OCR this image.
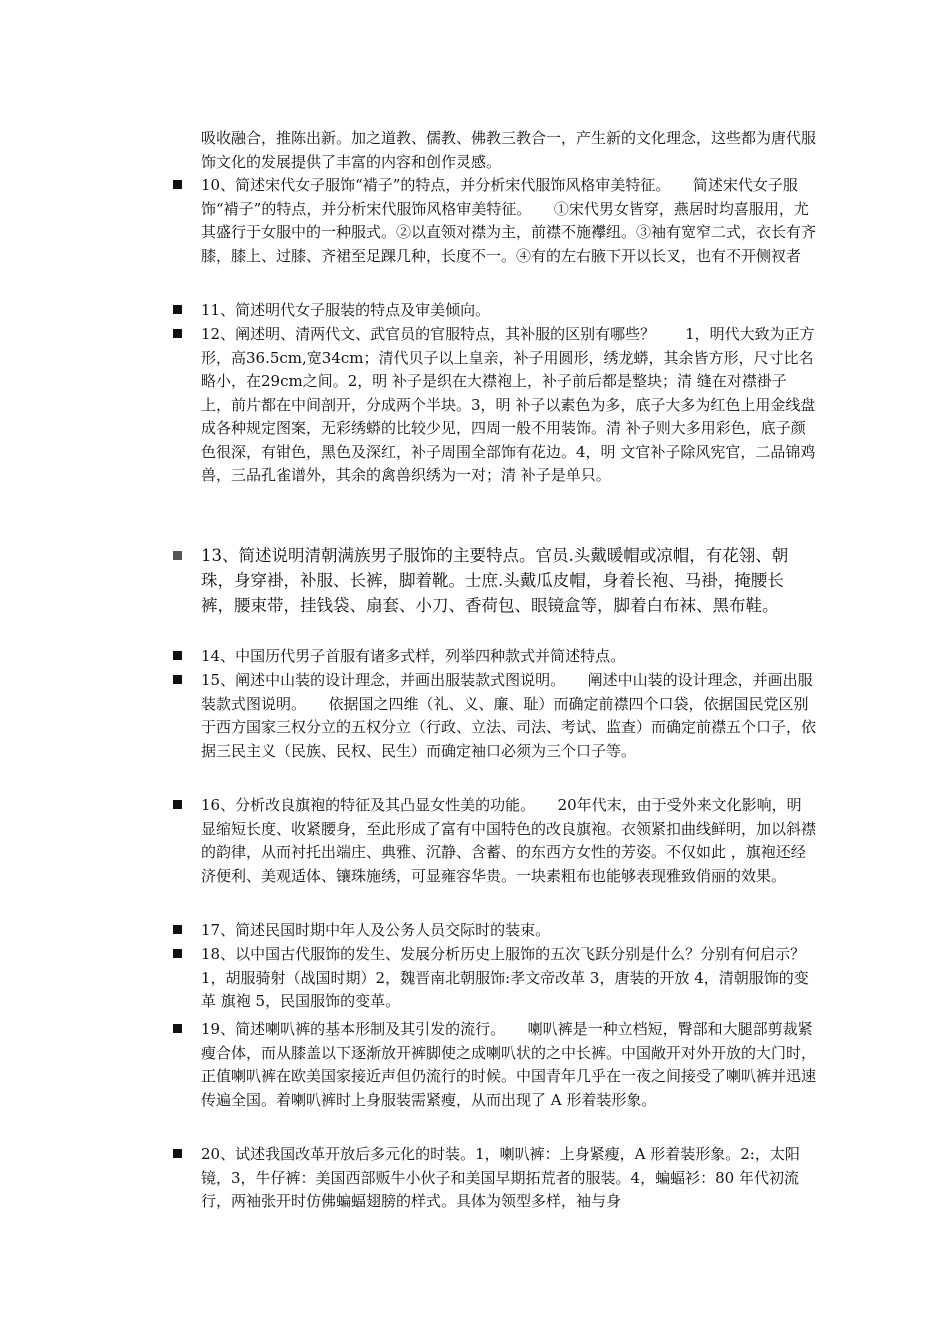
吸收融合，推陈出新。加之道教、儒教、佛教三教合一，产生新的文化理念，这些都为唐代服饰文化的发展提供了丰富的内容和创作灵感。

10、简述宋代女子服饰“褙子”的特点，并分析宋代服饰风格审美特征。　　简述宋代女子服饰“褙子”的特点，并分析宋代服饰风格审美特征。　　①宋代男女皆穿，燕居时均喜服用，尤其盛行于女服中的一种服式。②以直领对襟为主，前襟不施襻纽。③袖有宽窄二式，衣长有齐膝，膝上、过膝、齐裙至足踝几种，长度不一。④有的左右腋下开以长叉，也有不开侧衩者
11、简述明代女子服装的特点及审美倾向。
12、阐述明、清两代文、武官员的官服特点，其补服的区别有哪些？　　1，明代大致为正方形，高36.5cm,宽34cm；清代贝子以上皇亲，补子用圆形，绣龙蟒，其余皆方形，尺寸比名略小，在29cm之间。2，明 补子是织在大襟袍上，补子前后都是整块；清 缝在对襟褂子上，前片都在中间剖开，分成两个半块。3，明 补子以素色为多，底子大多为红色上用金线盘成各种规定图案，无彩绣蟒的比较少见，四周一般不用装饰。清 补子则大多用彩色，底子颜色很深，有钳色，黑色及深红，补子周围全部饰有花边。4，明 文官补子除风宪官，二品锦鸡兽，三品孔雀谱外，其余的禽兽织绣为一对；清 补子是单只。
13、简述说明清朝满族男子服饰的主要特点。官员.头戴暖帽或凉帽，有花翎、朝珠，身穿褂，补服、长裤，脚着靴。士庶.头戴瓜皮帽，身着长袍、马褂，掩腰长裤，腰束带，挂钱袋、扇套、小刀、香荷包、眼镜盒等，脚着白布袜、黑布鞋。
14、中国历代男子首服有诸多式样，列举四种款式并简述特点。
15、阐述中山装的设计理念，并画出服装款式图说明。　　阐述中山装的设计理念，并画出服装款式图说明。　　依据国之四维（礼、义、廉、耻）而确定前襟四个口袋，依据国民党区别于西方国家三权分立的五权分立（行政、立法、司法、考试、监查）而确定前襟五个口子，依据三民主义（民族、民权、民生）而确定袖口必须为三个口子等。
16、分析改良旗袍的特征及其凸显女性美的功能。　　20年代末，由于受外来文化影响，明显缩短长度、收紧腰身，至此形成了富有中国特色的改良旗袍。衣领紧扣曲线鲜明，加以斜襟的韵律，从而衬托出端庄、典雅、沉静、含蓄、的东西方女性的芳姿。不仅如此 ，旗袍还经济便利、美观适体、镶珠施绣，可显雍容华贵。一块素粗布也能够表现雅致俏丽的效果。
17、简述民国时期中年人及公务人员交际时的装束。
18、以中国古代服饰的发生、发展分析历史上服饰的五次飞跃分别是什么？分别有何启示？　　1，胡服骑射（战国时期）2，魏晋南北朝服饰:孝文帝改革 3，唐装的开放 4，清朝服饰的变革 旗袍 5，民国服饰的变革。
19、简述喇叭裤的基本形制及其引发的流行。　　喇叭裤是一种立档短，臀部和大腿部剪裁紧瘦合体，而从膝盖以下逐渐放开裤脚使之成喇叭状的之中长裤。中国敞开对外开放的大门时，正值喇叭裤在欧美国家接近声但仍流行的时候。中国青年几乎在一夜之间接受了喇叭裤并迅速传遍全国。着喇叭裤时上身服装需紧瘦，从而出现了 A 形着装形象。
20、试述我国改革开放后多元化的时装。1，喇叭裤：上身紧瘦，A 形着装形象。2:，太阳镜，3，牛仔裤：美国西部贩牛小伙子和美国早期拓荒者的服装。4，蝙蝠衫：80 年代初流行，两袖张开时仿佛蝙蝠翅膀的样式。具体为领型多样，袖与身
